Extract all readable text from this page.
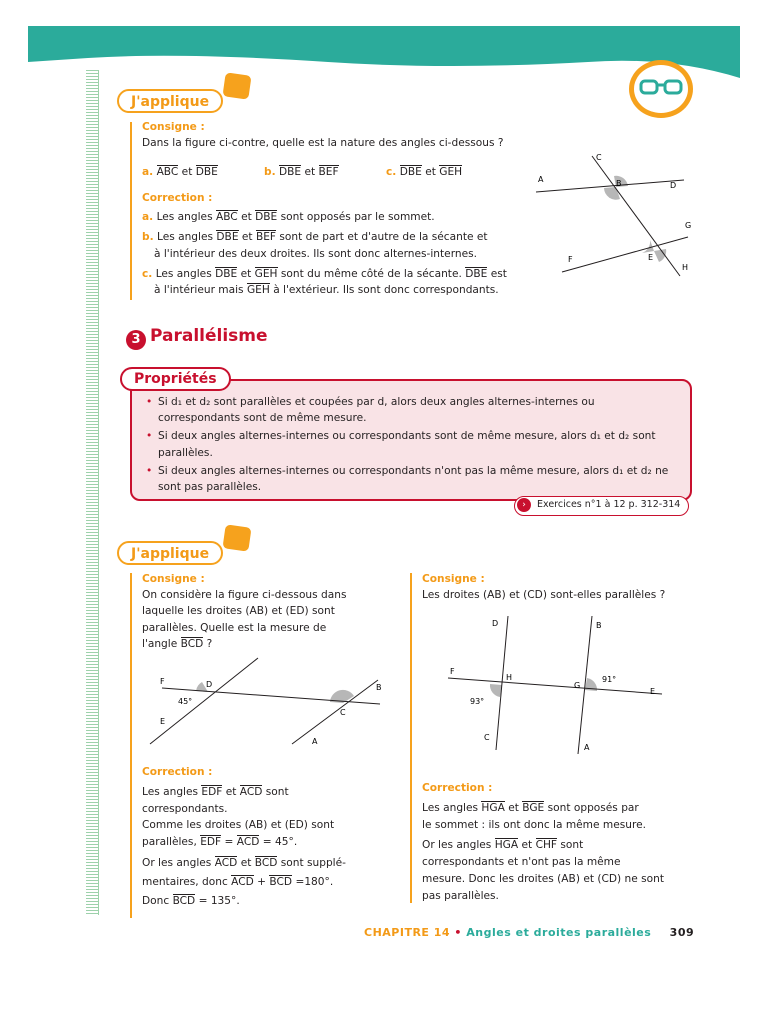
J'applique
Consigne :
Dans la figure ci-contre, quelle est la nature des angles ci-dessous ?
a. ABC et DBE	b. DBE et BEF	c. DBE et GEH
Correction :
a. Les angles ABC et DBE sont opposés par le sommet.
b. Les angles DBE et BEF sont de part et d'autre de la sécante et
à l'intérieur des deux droites. Ils sont donc alternes-internes.
c. Les angles DBE et GEH sont du même côté de la sécante. DBE est
à l'intérieur mais GEH à l'extérieur. Ils sont donc correspondants.
A	B
C
D
E
F
G
H
3 Parallélisme
Propriétés
• Si d₁ et d₂ sont parallèles et coupées par d, alors deux angles alternes-internes ou correspondants sont de même mesure.
• Si deux angles alternes-internes ou correspondants sont de même mesure, alors d₁ et d₂ sont parallèles.
• Si deux angles alternes-internes ou correspondants n'ont pas la même mesure, alors d₁ et d₂ ne sont pas parallèles.
›	Exercices n°1 à 12 p. 312-314
J'applique
Consigne :
On considère la figure ci-dessous dans
laquelle les droites (AB) et (ED) sont
parallèles. Quelle est la mesure de
l'angle BCD ?
F	D
E
45°
B
C
A
Correction :
Les angles EDF et ACD sont
correspondants.
Comme les droites (AB) et (ED) sont
parallèles, EDF = ACD = 45°.
Or les angles ACD et BCD sont supplé-
mentaires, donc ACD + BCD =180°.
Donc BCD = 135°.
Consigne :
Les droites (AB) et (CD) sont-elles parallèles ?
D	B
F
H
G
91°
E
93°
C
A
Correction :
Les angles HGA et BGE sont opposés par
le sommet : ils ont donc la même mesure.
Or les angles HGA et CHF sont
correspondants et n'ont pas la même
mesure. Donc les droites (AB) et (CD) ne sont
pas parallèles.
CHAPITRE 14 • Angles et droites parallèles 309
